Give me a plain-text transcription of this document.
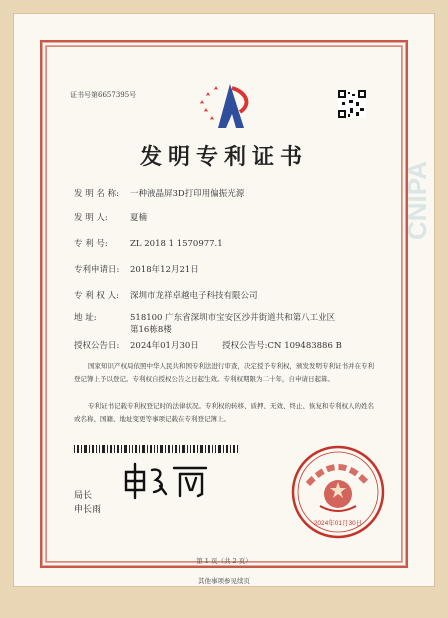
CNIPA
证书号第6657395号
发明专利证书
发 明 名 称: 一种液晶屏3D打印用偏振光源
发 明 人:	夏楠
专 利 号:	ZL 2018 1 1570977.1
专利申请日: 2018年12月21日
专 利 权 人: 深圳市龙祥卓越电子科技有限公司
地 址:	518100 广东省深圳市宝安区沙井街道共和第八工业区
第16栋8楼
授权公告日: 2024年01月30日	授权公告号:CN 109483886 B
国家知识产权局依照中华人民共和国专利法进行审查，决定授予专利权，颁发发明专利证书并在专利登记簿上予以登记。专利权自授权公告之日起生效。专利权期限为二十年，自申请日起算。
专利证书记载专利权登记时的法律状况。专利权的转移、质押、无效、终止、恢复和专利权人的姓名或名称、国籍、地址变更等事项记载在专利登记簿上。
局长
申长雨
2024年01月30日
第 1 页（共 2 页）
其他事项参见续页
